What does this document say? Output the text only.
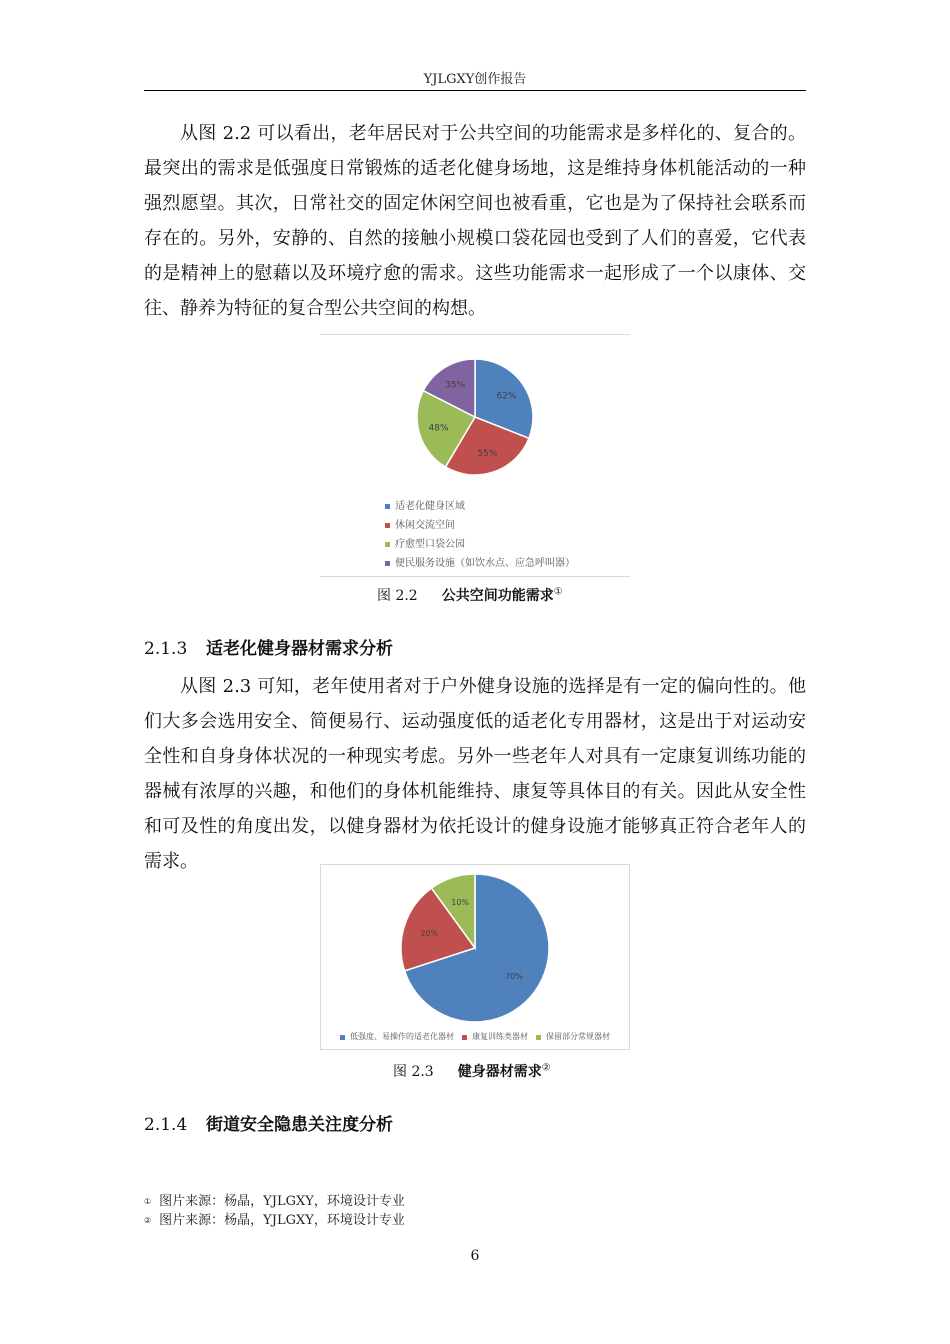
YJLGXY创作报告

从图 2.2 可以看出，老年居民对于公共空间的功能需求是多样化的、复合的。最突出的需求是低强度日常锻炼的适老化健身场地，这是维持身体机能活动的一种强烈愿望。其次，日常社交的固定休闲空间也被看重，它也是为了保持社会联系而存在的。另外，安静的、自然的接触小规模口袋花园也受到了人们的喜爱，它代表的是精神上的慰藉以及环境疗愈的需求。这些功能需求一起形成了一个以康体、交往、静养为特征的复合型公共空间的构想。

62%
55%
48%
35%
适老化健身区域
休闲交流空间
疗愈型口袋公园
便民服务设施（如饮水点、应急呼叫器）
图 2.2 公共空间功能需求①
2.1.3 适老化健身器材需求分析

从图 2.3 可知，老年使用者对于户外健身设施的选择是有一定的偏向性的。他们大多会选用安全、简便易行、运动强度低的适老化专用器材，这是出于对运动安全性和自身身体状况的一种现实考虑。另外一些老年人对具有一定康复训练功能的器械有浓厚的兴趣，和他们的身体机能维持、康复等具体目的有关。因此从安全性和可及性的角度出发，以健身器材为依托设计的健身设施才能够真正符合老年人的需求。

70%
20%
10%
低强度、易操作的适老化器材 康复训练类器材 保留部分常规器材
图 2.3 健身器材需求②
2.1.4 街道安全隐患关注度分析
① 图片来源：杨晶，YJLGXY，环境设计专业
② 图片来源：杨晶，YJLGXY，环境设计专业
6
